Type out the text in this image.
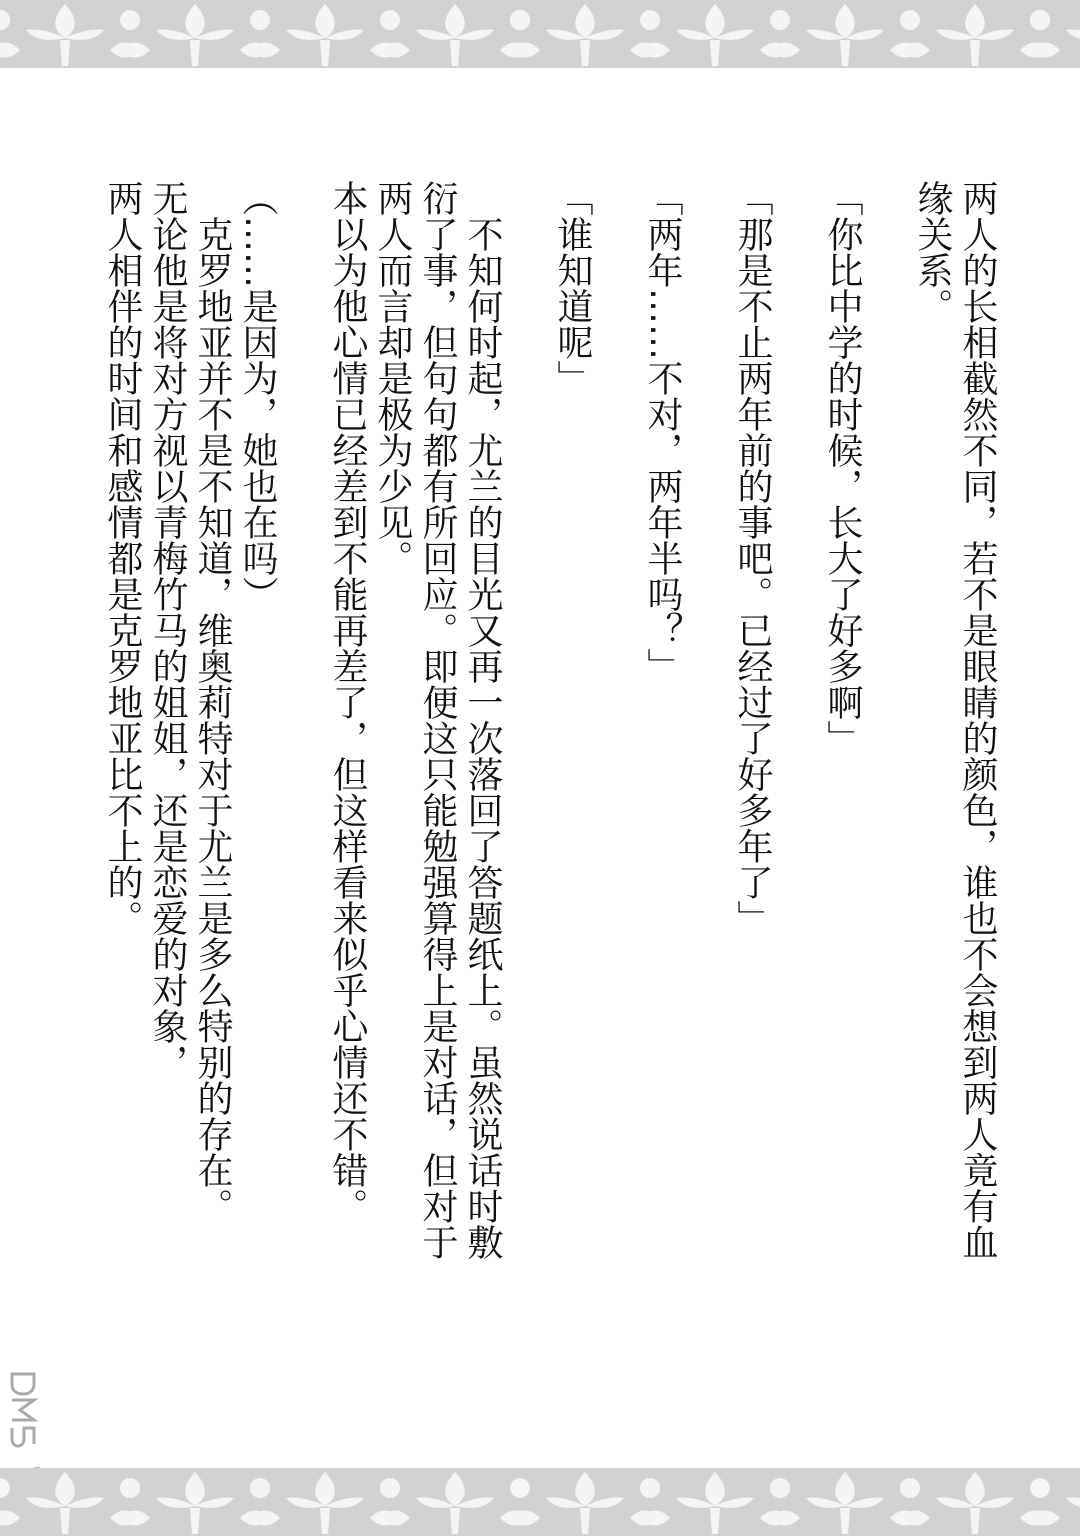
两人的长相截然不同，若不是眼睛的颜色，谁也不会想到两人竟有血缘关系。

「你比中学的时候，长大了好多啊」

「那是不止两年前的事吧。已经过了好多年了」

「两年……不对，两年半吗？」

「谁知道呢」

　不知何时起，尤兰的目光又再一次落回了答题纸上。虽然说话时敷衍了事，但句句都有所回应。即便这只能勉强算得上是对话，但对于两人而言却是极为少见。

本以为他心情已经差到不能再差了，但这样看来似乎心情还不错。

（……是因为，她也在吗）

　克罗地亚并不是不知道，维奥莉特对于尤兰是多么特别的存在。

无论他是将对方视以青梅竹马的姐姐，还是恋爱的对象，

两人相伴的时间和感情都是克罗地亚比不上的。
